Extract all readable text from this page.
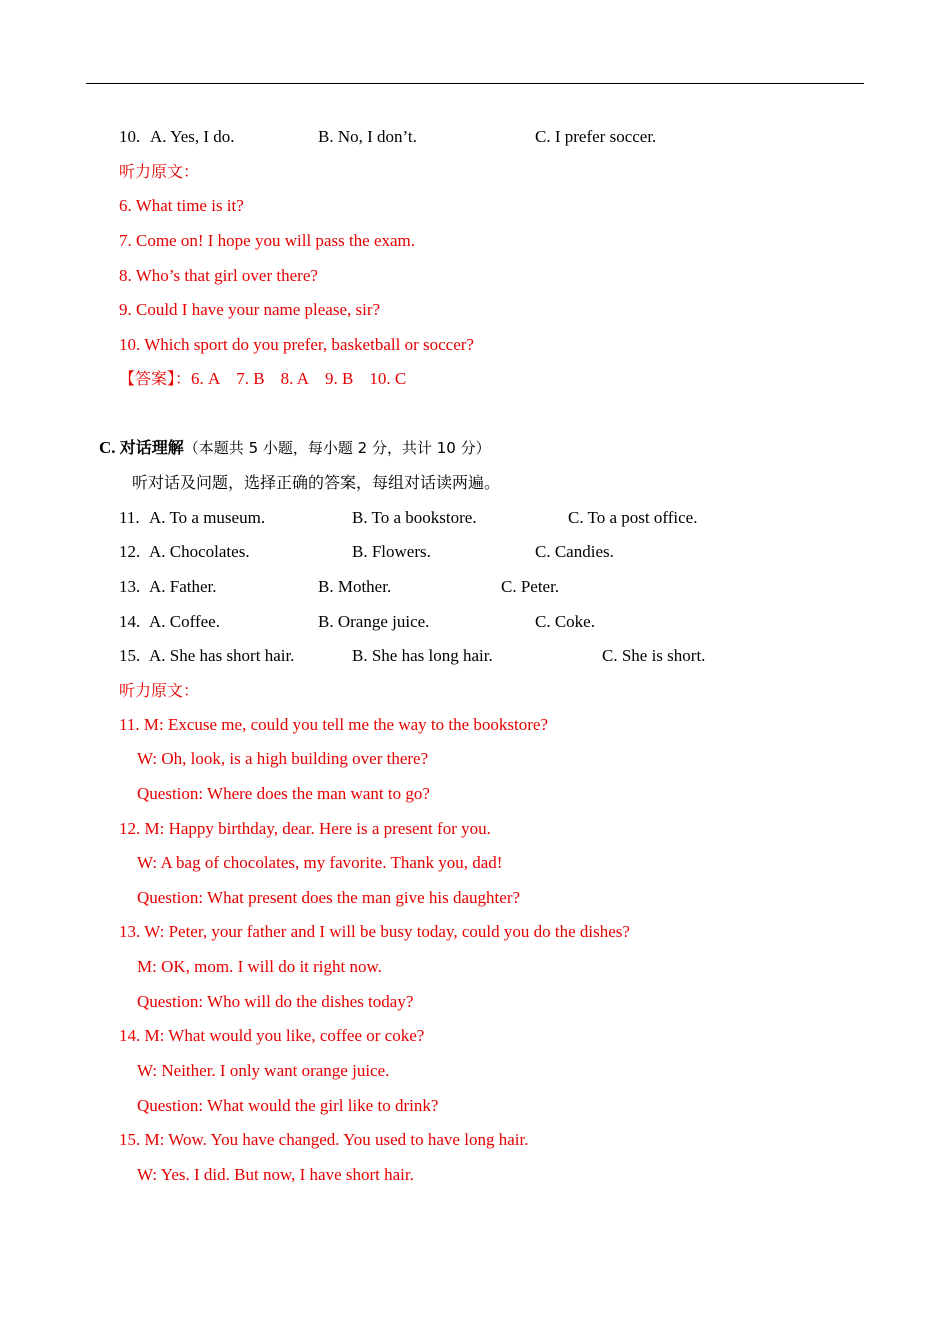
10. A. Yes, I do.	B. No, I don’t.	C. I prefer soccer.
听力原文：
6. What time is it?
7. Come on! I hope you will pass the exam.
8. Who’s that girl over there?
9. Could I have your name please, sir?
10. Which sport do you prefer, basketball or soccer?
【答案】：6. A 7. B 8. A 9. B 10. C
C. 对话理解（本题共 5 小题，每小题 2 分，共计 10 分）
听对话及问题，选择正确的答案，每组对话读两遍。
11. A. To a museum.	B. To a bookstore.	C. To a post office.
12. A. Chocolates.	B. Flowers.	C. Candies.
13. A. Father.	B. Mother.	C. Peter.
14. A. Coffee.	B. Orange juice.	C. Coke.
15. A. She has short hair.	B. She has long hair.	C. She is short.
听力原文：
11. M: Excuse me, could you tell me the way to the bookstore?
W: Oh, look, is a high building over there?
Question: Where does the man want to go?
12. M: Happy birthday, dear. Here is a present for you.
W: A bag of chocolates, my favorite. Thank you, dad!
Question: What present does the man give his daughter?
13. W: Peter, your father and I will be busy today, could you do the dishes?
M: OK, mom. I will do it right now.
Question: Who will do the dishes today?
14. M: What would you like, coffee or coke?
W: Neither. I only want orange juice.
Question: What would the girl like to drink?
15. M: Wow. You have changed. You used to have long hair.
W: Yes. I did. But now, I have short hair.
